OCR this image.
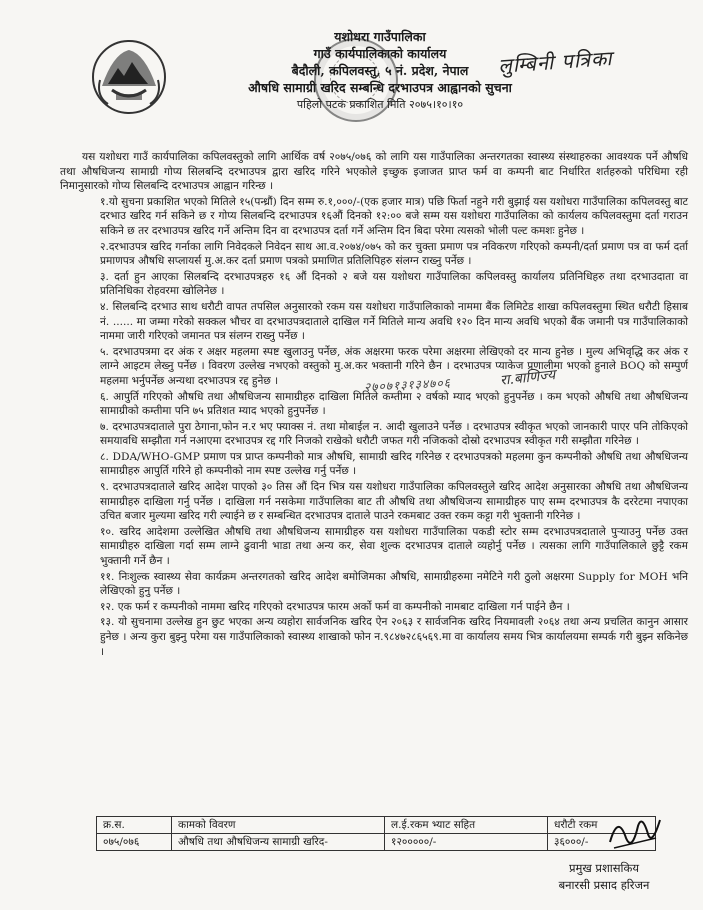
लुम्बिनी पत्रिका
यशोधरा गाउँपालिका
गाउँ कार्यपालिकाको कार्यालय
बैदौली, कपिलवस्तु, ५ नं. प्रदेश, नेपाल
औषधि सामाग्री खरिद सम्बन्धि दरभाउपत्र आह्वानको सुचना
पहिलो पटक प्रकाशित मिति २०७५।१०।१०

यस यशोधरा गाउँ कार्यपालिका कपिलवस्तुको लागि आर्थिक वर्ष २०७५/०७६ को लागि यस गाउँपालिका अन्तरगतका स्वास्थ्य संस्थाहरुका आवश्यक पर्ने औषधि तथा औषधिजन्य सामाग्री गोप्य सिलबन्दि दरभाउपत्र द्वारा खरिद गरिने भएकोले इच्छुक इजाजत प्राप्त फर्म वा कम्पनी बाट निर्धारित शर्तहरुको परिधिमा रही निमानुसारको गोप्य सिलबन्दि दरभाउपत्र आह्वान गरिन्छ ।

१.यो सुचना प्रकाशित भएको मितिले १५(पन्ध्रौं) दिन सम्म रु.१,०००/-(एक हजार मात्र) पछि फिर्ता नहुने गरी बुझाई यस यशोधरा गाउँपालिका कपिलवस्तु बाट दरभाउ खरिद गर्न सकिने छ र गोप्य सिलबन्दि दरभाउपत्र १६औं दिनको १२:०० बजे सम्म यस यशोधरा गाउँपालिका को कार्यलय कपिलवस्तुमा दर्ता गराउन सकिने छ तर दरभाउपत्र खरिद गर्ने अन्तिम दिन वा दरभाउपत्र दर्ता गर्ने अन्तिम दिन बिदा परेमा त्यसको भोली पल्ट कमशः हुनेछ ।

२.दरभाउपत्र खरिद गर्नाका लागि निवेदकले निवेदन साथ आ.व.२०७४/०७५ को कर चुक्ता प्रमाण पत्र नविकरण गरिएको कम्पनी/दर्ता प्रमाण पत्र वा फर्म दर्ता प्रमाणपत्र औषधि सप्लायर्स मु.अ.कर दर्ता प्रमाण पत्रको प्रमाणित प्रतिलिपिहरु संलग्न राख्नु पर्नेछ ।

३. दर्ता हुन आएका सिलबन्दि दरभाउपत्रहरु १६ औं दिनको २ बजे यस यशोधरा गाउँपालिका कपिलवस्तु कार्यालय प्रतिनिधिहरु तथा दरभाउदाता वा प्रतिनिधिका रोहवरमा खोलिनेछ ।

४. सिलबन्दि दरभाउ साथ धरौटी वापत तपसिल अनुसारको रकम यस यशोधरा गाउँपालिकाको नाममा बैंक लिमिटेड शाखा कपिलवस्तुमा स्थित धरौटी हिसाब नं. ...... मा जम्मा गरेको सक्कल भौचर वा दरभाउपत्रदाताले दाखिल गर्ने मितिले मान्य अवधि १२० दिन मान्य अवधि भएको बैंक जमानी पत्र गाउँपालिकाको नाममा जारी गरिएको जमानत पत्र संलग्न राख्नु पर्नेछ ।

५. दरभाउपत्रमा दर अंक र अक्षर महलमा स्पष्ट खुलाउनु पर्नेछ, अंक अक्षरमा फरक परेमा अक्षरमा लेखिएको दर मान्य हुनेछ । मुल्य अभिवृद्धि कर अंक र लाग्ने आइटम लेख्नु पर्नेछ । विवरण उल्लेख नभएको वस्तुको मु.अ.कर भक्तानी गरिने छैन । दरभाउपत्र प्याकेज प्रणालीमा भएको हुनाले BOQ को सम्पुर्ण महलमा भर्नुपर्नेछ अन्यथा दरभाउपत्र रद्द हुनेछ ।

६. आपुर्ति गरिएको औषधि तथा औषधिजन्य सामाग्रीहरु दाखिला मितिले कम्तीमा २ वर्षको म्याद भएको हुनुपर्नेछ । कम भएको औषधि तथा औषधिजन्य सामाग्रीको कम्तीमा पनि ७५ प्रतिशत म्याद भएको हुनुपर्नेछ ।

७. दरभाउपत्रदाताले पुरा ठेगाना,फोन न.र भए फ्याक्स नं. तथा मोबाईल न. आदी खुलाउने पर्नेछ । दरभाउपत्र स्वीकृत भएको जानकारी पाएर पनि तोकिएको समयावधि सम्झौता गर्न नआएमा दरभाउपत्र रद्द गरि निजको राखेको धरौटी जफत गरी नजिकको दोस्रो दरभाउपत्र स्वीकृत गरी सम्झौता गरिनेछ ।

८. DDA/WHO-GMP प्रमाण पत्र प्राप्त कम्पनीको मात्र औषधि, सामाग्री खरिद गरिनेछ र दरभाउपत्रको महलमा कुन कम्पनीको औषधि तथा औषधिजन्य सामाग्रीहरु आपुर्ति गरिने हो कम्पनीको नाम स्पष्ट उल्लेख गर्नु पर्नेछ ।

९. दरभाउपत्रदाताले खरिद आदेश पाएको ३० तिस औं दिन भित्र यस यशोधरा गाउँपालिका कपिलवस्तुले खरिद आदेश अनुसारका औषधि तथा औषधिजन्य सामाग्रीहरु दाखिला गर्नु पर्नेछ । दाखिला गर्न नसकेमा गाउँपालिका बाट ती औषधि तथा औषधिजन्य सामाग्रीहरु पाए सम्म दरभाउपत्र कै दररेटमा नपाएका उचित बजार मुल्यमा खरिद गरी ल्याईने छ र सम्बन्धित दरभाउपत्र दाताले पाउने रकमबाट उक्त रकम कट्टा गरी भुक्तानी गरिनेछ ।

१०. खरिद आदेशमा उल्लेखित औषधि तथा औषधिजन्य सामाग्रीहरु यस यशोधरा गाउँपालिका पकडी स्टोर सम्म दरभाउपत्रदाताले पुऱ्याउनु पर्नेछ उक्त सामाग्रीहरु दाखिला गर्दा सम्म लाग्ने ढुवानी भाडा तथा अन्य कर, सेवा शुल्क दरभाउपत्र दाताले व्यहोर्नु पर्नेछ । त्यसका लागि गाउँपालिकाले छुट्टै रकम भुक्तानी गर्ने छैन ।

११. निःशुल्क स्वास्थ्य सेवा कार्यक्रम अन्तरगतको खरिद आदेश बमोजिमका औषधि, सामाग्रीहरुमा नमेटिने गरी ठुलो अक्षरमा Supply for MOH भनि लेखिएको हुनु पर्नेछ ।

१२. एक फर्म र कम्पनीको नाममा खरिद गरिएको दरभाउपत्र फारम अर्को फर्म वा कम्पनीको नामबाट दाखिला गर्न पाईने छैन ।

१३. यो सुचनामा उल्लेख हुन छुट भएका अन्य व्यहोरा सार्वजनिक खरिद ऐन २०६३ र सार्वजनिक खरिद नियमावली २०६४ तथा अन्य प्रचलित कानुन आसार हुनेछ । अन्य कुरा बुझ्नु परेमा यस गाउँपालिकाको स्वास्थ्य शाखाको फोन न.९८४७२८६५६९.मा वा कार्यालय समय भित्र कार्यालयमा सम्पर्क गरी बुझ्न सकिनेछ ।

२७०७१३१३४७०६	रा.बाणिज्य
क्र.स.	कामको विवरण	ल.ई.रकम भ्याट सहित	धरौटी रकम
०७५/०७६	औषधि तथा औषधिजन्य सामाग्री खरिद-	१२०००००/-	३६०००/-
प्रमुख प्रशासकिय
बनारसी प्रसाद हरिजन
